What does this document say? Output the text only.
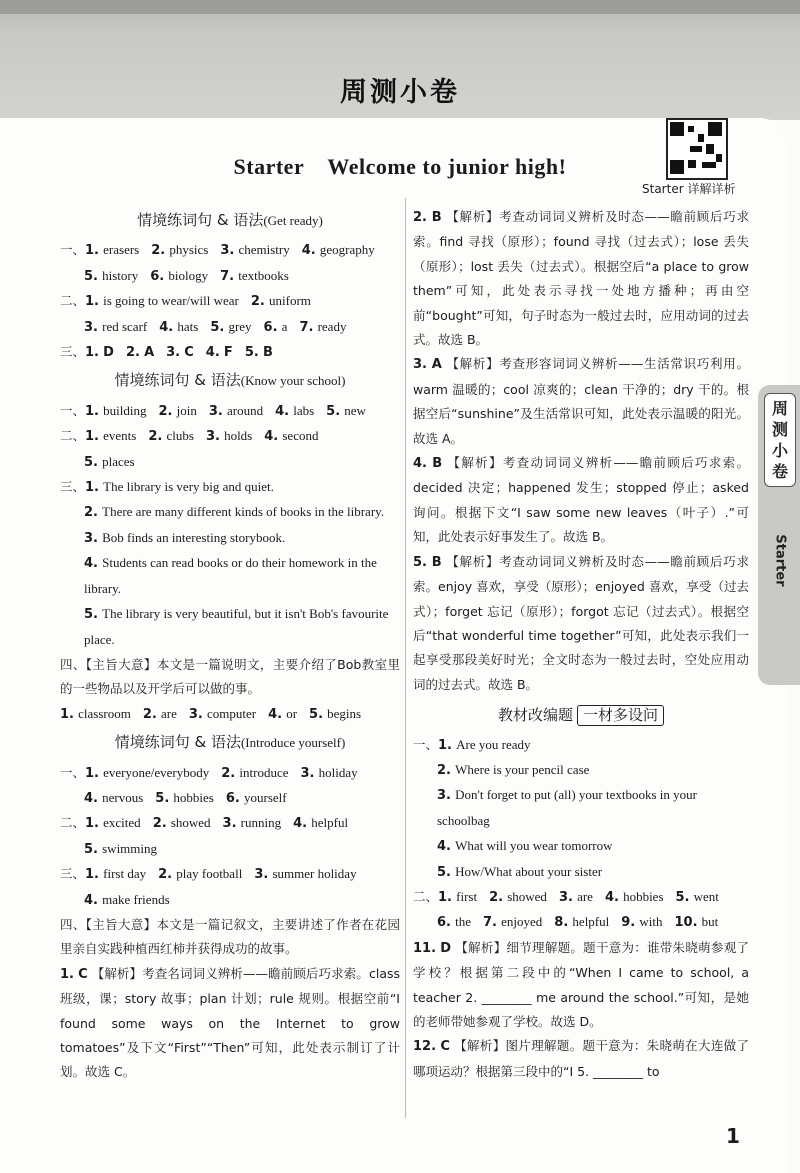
周测小卷
Starter 详解详析
Starter    Welcome to junior high!
周测小卷
Starter
情境练词句 & 语法(Get ready)
一、1. erasers 2. physics 3. chemistry 4. geography
5. history 6. biology 7. textbooks
二、1. is going to wear/will wear 2. uniform
3. red scarf 4. hats 5. grey 6. a 7. ready
三、1. D 2. A 3. C 4. F 5. B
情境练词句 & 语法(Know your school)
一、1. building 2. join 3. around 4. labs 5. new
二、1. events 2. clubs 3. holds 4. second
5. places
三、1. The library is very big and quiet.
2. There are many different kinds of books in the library.
3. Bob finds an interesting storybook.
4. Students can read books or do their homework in the library.
5. The library is very beautiful, but it isn't Bob's favourite place.
四、【主旨大意】本文是一篇说明文，主要介绍了Bob教室里的一些物品以及开学后可以做的事。
1. classroom 2. are 3. computer 4. or 5. begins
情境练词句 & 语法(Introduce yourself)
一、1. everyone/everybody 2. introduce 3. holiday
4. nervous 5. hobbies 6. yourself
二、1. excited 2. showed 3. running 4. helpful
5. swimming
三、1. first day 2. play football 3. summer holiday
4. make friends
四、【主旨大意】本文是一篇记叙文，主要讲述了作者在花园里亲自实践种植西红柿并获得成功的故事。
1. C 【解析】考查名词词义辨析——瞻前顾后巧求索。class 班级，课；story 故事；plan 计划；rule 规则。根据空前“I found some ways on the Internet to grow tomatoes”及下文“First”“Then”可知，此处表示制订了计划。故选 C。
2. B 【解析】考查动词词义辨析及时态——瞻前顾后巧求索。find 寻找（原形）；found 寻找（过去式）；lose 丢失（原形）；lost 丢失（过去式）。根据空后“a place to grow them”可知，此处表示寻找一处地方播种；再由空前“bought”可知，句子时态为一般过去时，应用动词的过去式。故选 B。
3. A 【解析】考查形容词词义辨析——生活常识巧利用。warm 温暖的；cool 凉爽的；clean 干净的；dry 干的。根据空后“sunshine”及生活常识可知，此处表示温暖的阳光。故选 A。
4. B 【解析】考查动词词义辨析——瞻前顾后巧求索。decided 决定；happened 发生；stopped 停止；asked 询问。根据下文“I saw some new leaves（叶子）.”可知，此处表示好事发生了。故选 B。
5. B 【解析】考查动词词义辨析及时态——瞻前顾后巧求索。enjoy 喜欢，享受（原形）；enjoyed 喜欢，享受（过去式）；forget 忘记（原形）；forgot 忘记（过去式）。根据空后“that wonderful time together”可知，此处表示我们一起享受那段美好时光；全文时态为一般过去时，空处应用动词的过去式。故选 B。
教材改编题 一材多设问
一、1. Are you ready
2. Where is your pencil case
3. Don't forget to put (all) your textbooks in your schoolbag
4. What will you wear tomorrow
5. How/What about your sister
二、1. first 2. showed 3. are 4. hobbies 5. went
6. the 7. enjoyed 8. helpful 9. with 10. but
11. D 【解析】细节理解题。题干意为：谁带朱晓萌参观了学校？根据第二段中的“When I came to school, a teacher 2. ________ me around the school.”可知，是她的老师带她参观了学校。故选 D。
12. C 【解析】图片理解题。题干意为：朱晓萌在大连做了哪项运动？根据第三段中的“I 5. ________ to
1
